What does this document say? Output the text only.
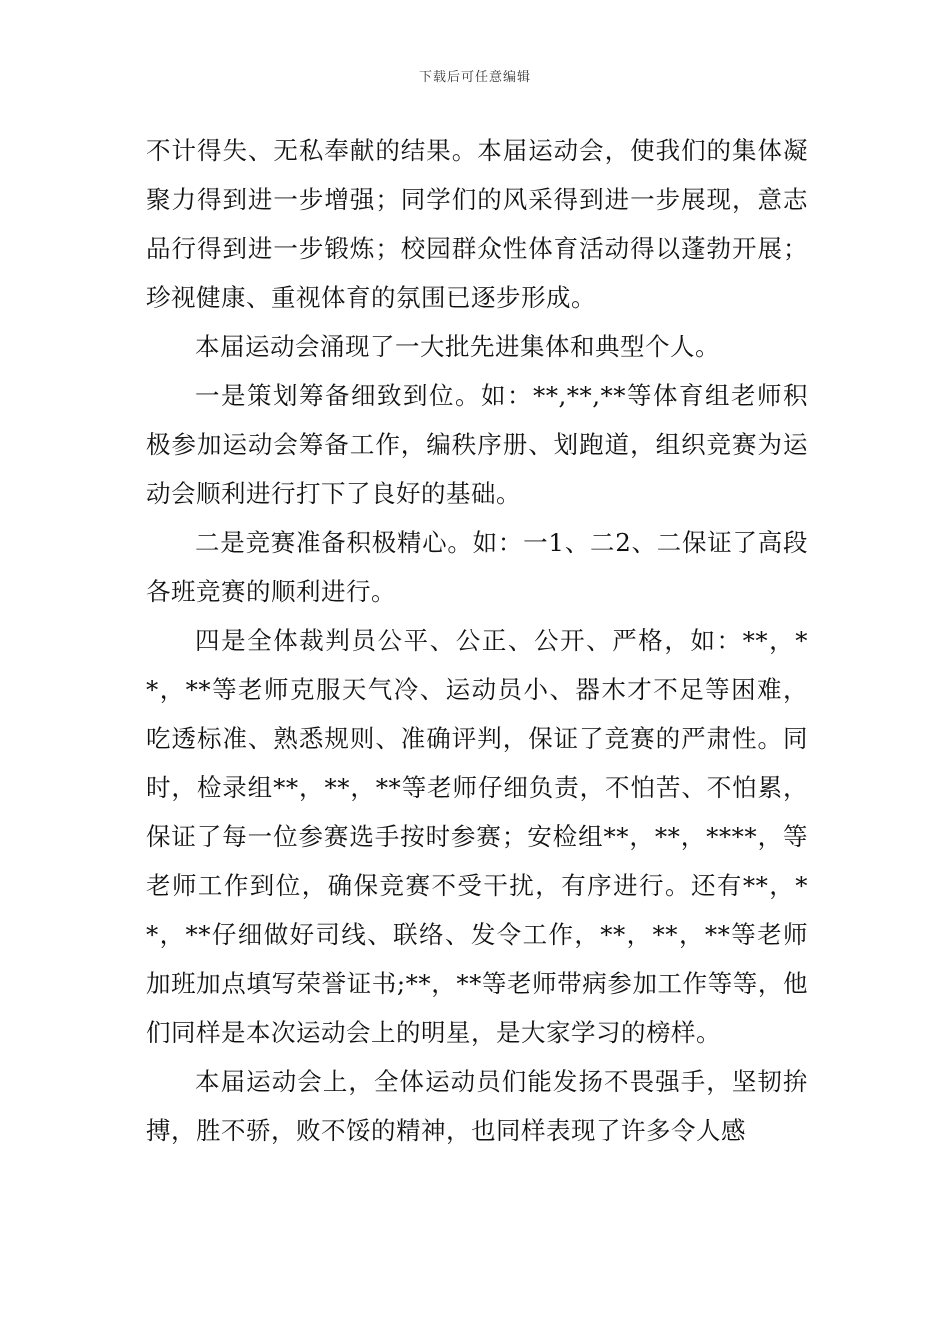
下载后可任意编辑

不计得失、无私奉献的结果。本届运动会，使我们的集体凝聚力得到进一步增强；同学们的风采得到进一步展现，意志品行得到进一步锻炼；校园群众性体育活动得以蓬勃开展；珍视健康、重视体育的氛围已逐步形成。

本届运动会涌现了一大批先进集体和典型个人。

一是策划筹备细致到位。如：**,**,**等体育组老师积极参加运动会筹备工作，编秩序册、划跑道，组织竞赛为运动会顺利进行打下了良好的基础。

二是竞赛准备积极精心。如：一1、二2、二保证了高段各班竞赛的顺利进行。

四是全体裁判员公平、公正、公开、严格，如：**，**，**等老师克服天气冷、运动员小、器木才不足等困难，吃透标准、熟悉规则、准确评判，保证了竞赛的严肃性。同时，检录组**，**，**等老师仔细负责，不怕苦、不怕累，保证了每一位参赛选手按时参赛；安检组**，**，****，等老师工作到位，确保竞赛不受干扰，有序进行。还有**，**，**仔细做好司线、联络、发令工作，**，**，**等老师加班加点填写荣誉证书;**，**等老师带病参加工作等等，他们同样是本次运动会上的明星，是大家学习的榜样。

本届运动会上，全体运动员们能发扬不畏强手，坚韧拚搏，胜不骄，败不馁的精神，也同样表现了许多令人感
